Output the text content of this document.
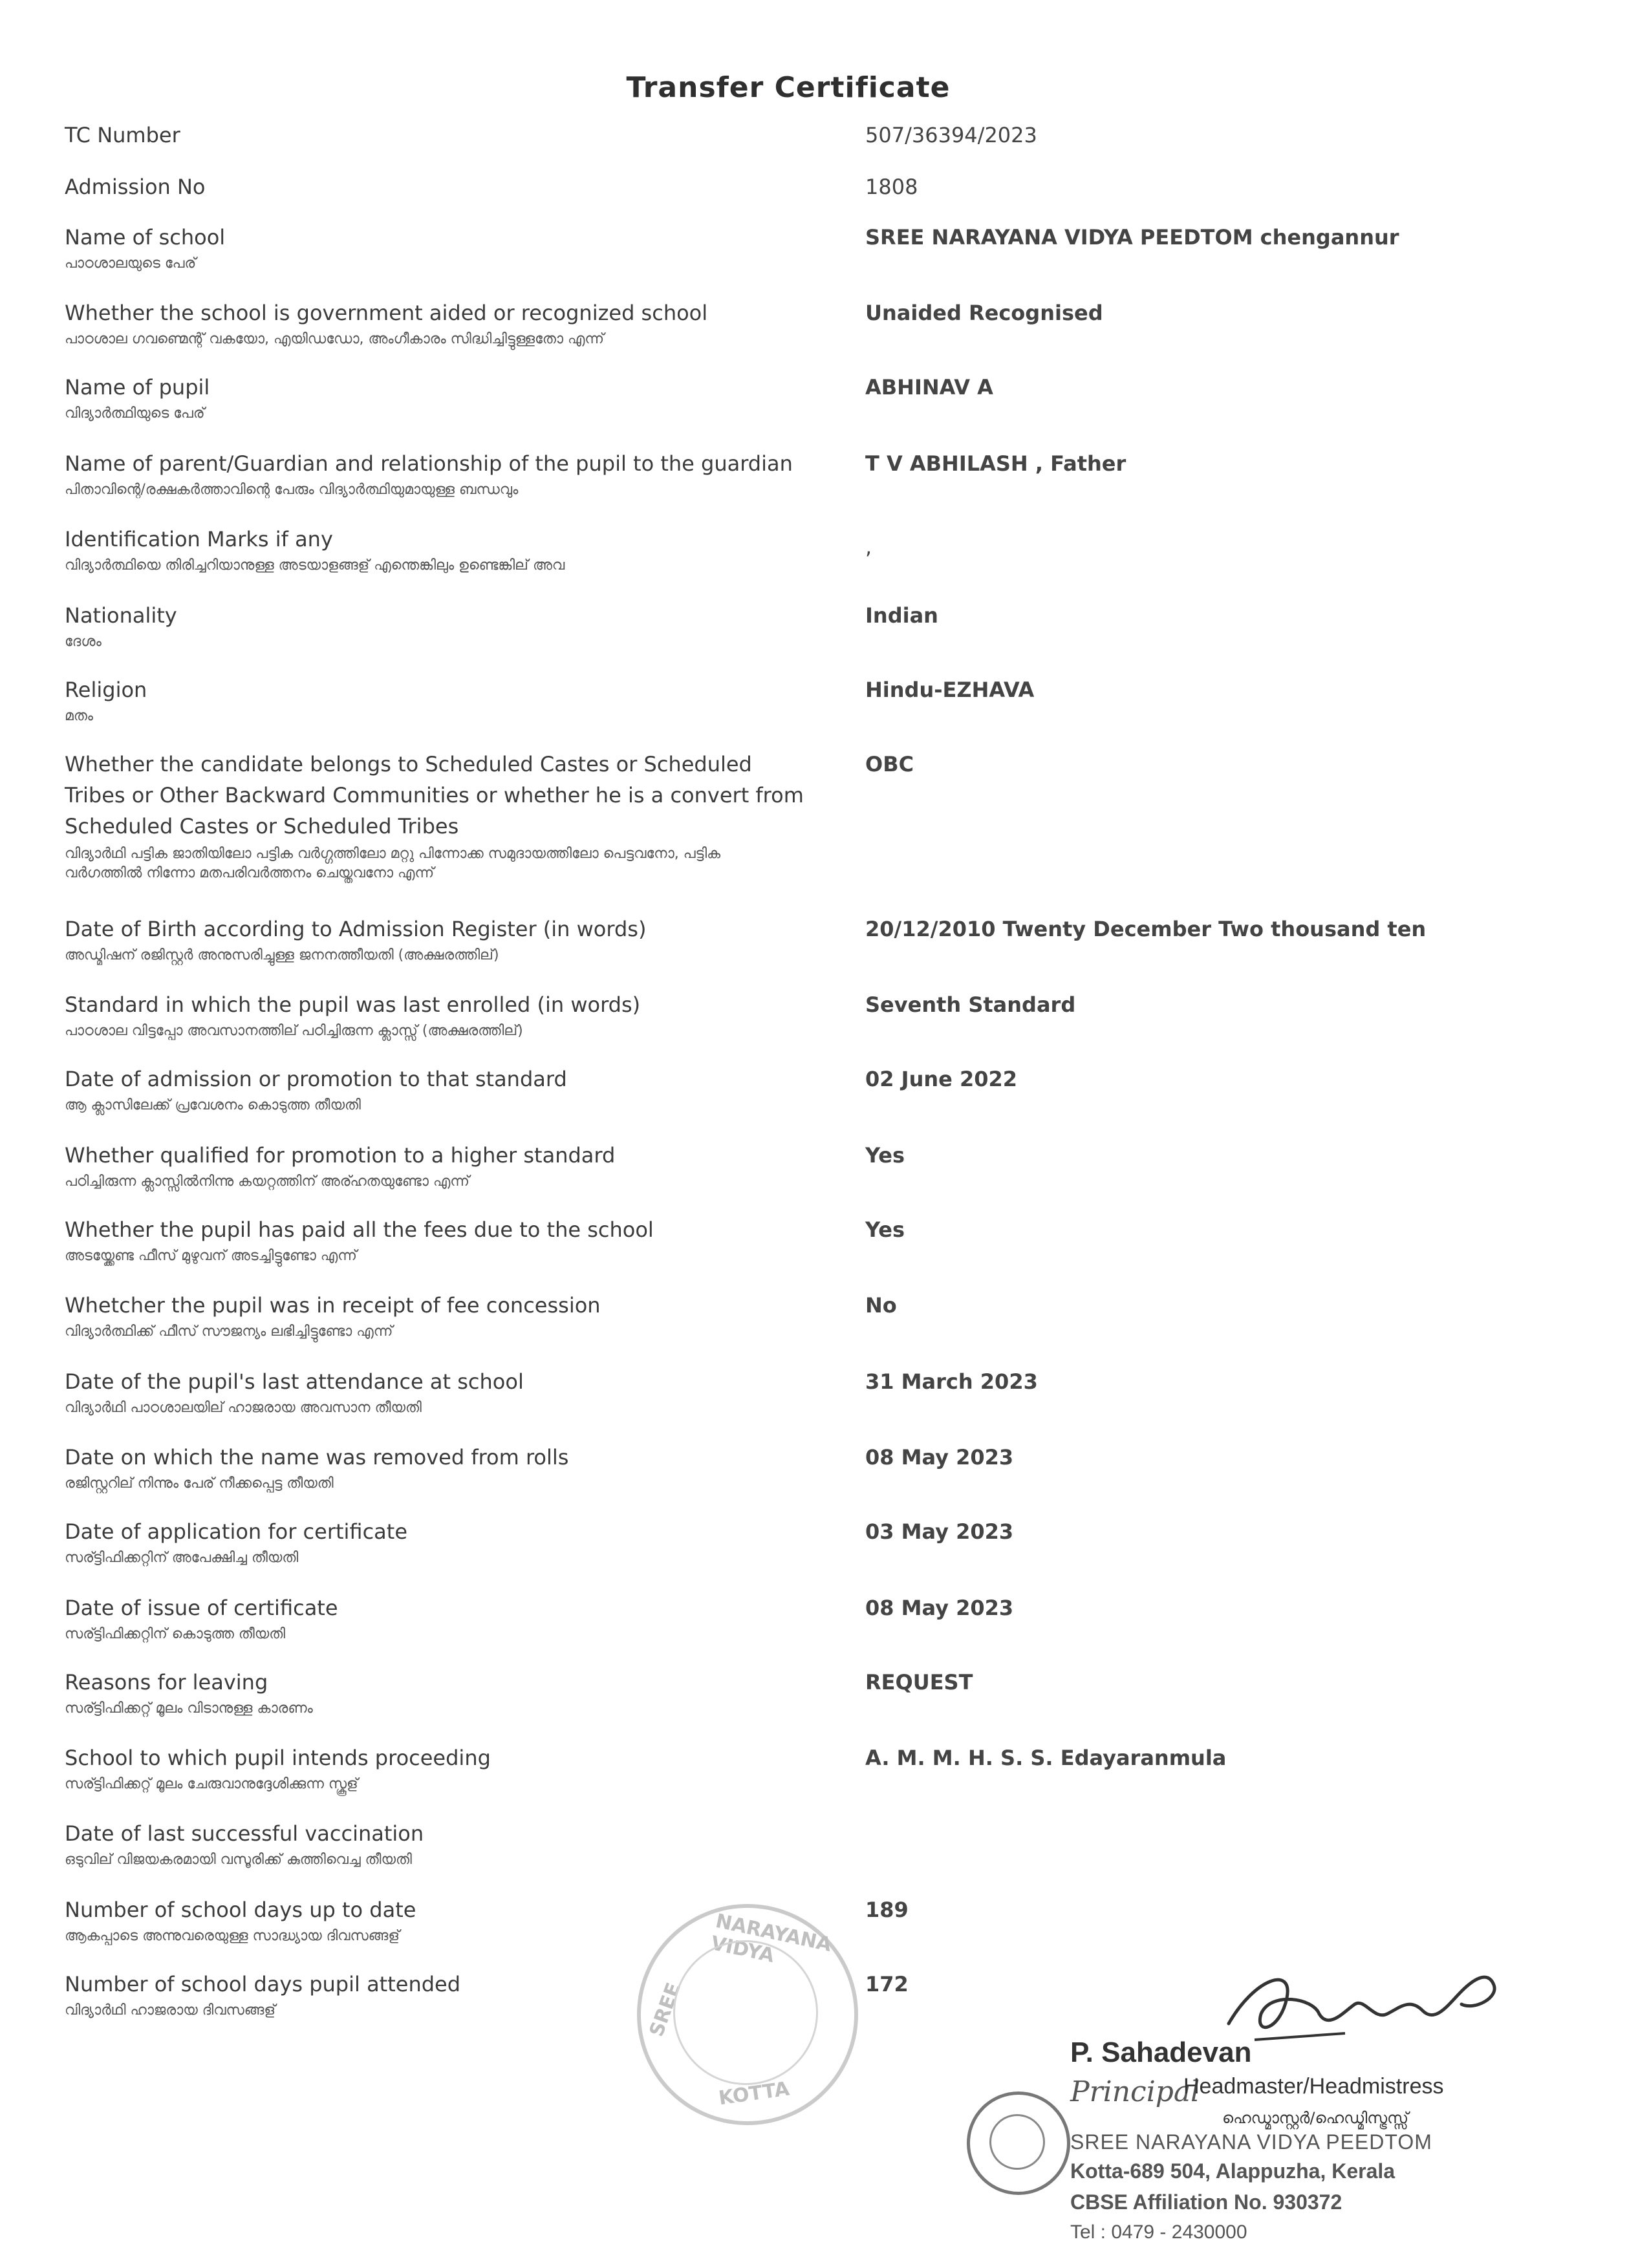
Transfer Certificate
TC Number	507/36394/2023
Admission No	1808
Name of school
പാഠശാലയുടെ പേര്
SREE NARAYANA VIDYA PEEDTOM chengannur
Whether the school is government aided or recognized school
പാഠശാല ഗവണ്മെന്റ് വകയോ, എയിഡഡോ, അംഗീകാരം സിദ്ധിച്ചിട്ടുള്ളതോ എന്ന്
Unaided Recognised
Name of pupil
വിദ്യാർത്ഥിയുടെ പേര്
ABHINAV A
Name of parent/Guardian and relationship of the pupil to the guardian
പിതാവിന്റെ/രക്ഷകർത്താവിന്റെ പേരും വിദ്യാർത്ഥിയുമായുള്ള ബന്ധവും
T V ABHILASH , Father
Identification Marks if any
വിദ്യാർത്ഥിയെ തിരിച്ചറിയാനുള്ള അടയാളങ്ങള് എന്തെങ്കിലും ഉണ്ടെങ്കില് അവ
,
Nationality
ദേശം
Indian
Religion
മതം
Hindu-EZHAVA
Whether the candidate belongs to Scheduled Castes or Scheduled Tribes or Other Backward Communities or whether he is a convert from Scheduled Castes or Scheduled Tribes
വിദ്യാർഥി പട്ടിക ജാതിയിലോ പട്ടിക വർഗ്ഗത്തിലോ മറ്റു പിന്നോക്ക സമുദായത്തിലോ പെട്ടവനോ, പട്ടിക വർഗത്തിൽ നിന്നോ മതപരിവർത്തനം ചെയ്തവനോ എന്ന്
OBC
Date of Birth according to Admission Register (in words)
അഡ്മിഷന് രജിസ്റ്റർ അനുസരിച്ചുള്ള ജനനത്തീയതി (അക്ഷരത്തില്)
20/12/2010 Twenty December Two thousand ten
Standard in which the pupil was last enrolled (in words)
പാഠശാല വിട്ടപ്പോ അവസാനത്തില് പഠിച്ചിരുന്ന ക്ലാസ്സ് (അക്ഷരത്തില്)
Seventh Standard
Date of admission or promotion to that standard
ആ ക്ലാസിലേക്ക് പ്രവേശനം കൊടുത്ത തീയതി
02 June 2022
Whether qualified for promotion to a higher standard
പഠിച്ചിരുന്ന ക്ലാസ്സിൽനിന്നു കയറ്റത്തിന് അര്ഹതയുണ്ടോ എന്ന്
Yes
Whether the pupil has paid all the fees due to the school
അടയ്ക്കേണ്ട ഫീസ് മുഴുവന് അടച്ചിട്ടുണ്ടോ എന്ന്
Yes
Whetcher the pupil was in receipt of fee concession
വിദ്യാർത്ഥിക്ക് ഫീസ് സൗജന്യം ലഭിച്ചിട്ടുണ്ടോ എന്ന്
No
Date of the pupil's last attendance at school
വിദ്യാർഥി പാഠശാലയില് ഹാജരായ അവസാന തീയതി
31 March 2023
Date on which the name was removed from rolls
രജിസ്റ്ററില് നിന്നും പേര് നീക്കപ്പെട്ട തീയതി
08 May 2023
Date of application for certificate
സര്ട്ടിഫിക്കറ്റിന് അപേക്ഷിച്ച തീയതി
03 May 2023
Date of issue of certificate
സര്ട്ടിഫിക്കറ്റിന് കൊടുത്ത തീയതി
08 May 2023
Reasons for leaving
സര്ട്ടിഫിക്കറ്റ് മൂലം വിടാനുള്ള കാരണം
REQUEST
School to which pupil intends proceeding
സര്ട്ടിഫിക്കറ്റ് മൂലം ചേരുവാനുദ്ദേശിക്കുന്ന സ്കൂള്
A. M. M. H. S. S. Edayaranmula
Date of last successful vaccination
ഒടുവില് വിജയകരമായി വസൂരിക്ക് കുത്തിവെച്ച തീയതി
Number of school days up to date
ആകപ്പാടെ അന്നുവരെയുള്ള സാദ്ധ്യായ ദിവസങ്ങള്
189
Number of school days pupil attended
വിദ്യാർഥി ഹാജരായ ദിവസങ്ങള്
172
NARAYANA VIDYA
SREE
KOTTA
P. Sahadevan
Principal
Headmaster/Headmistress
ഹെഡ്മാസ്റ്റർ/ഹെഡ്മിസ്ട്രസ്സ്
SREE NARAYANA VIDYA PEEDTOM
Kotta-689 504, Alappuzha, Kerala
CBSE Affiliation No. 930372
Tel : 0479 - 2430000
